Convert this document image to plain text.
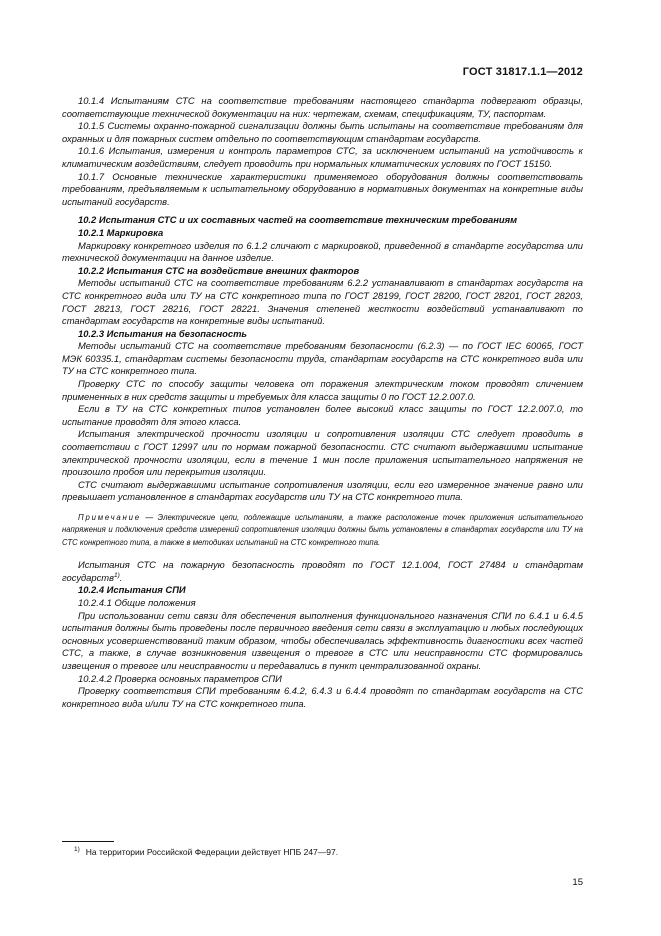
ГОСТ 31817.1.1—2012

10.1.4 Испытаниям СТС на соответствие требованиям настоящего стандарта подвергают образцы, соответствующие технической документации на них: чертежам, схемам, спецификациям, ТУ, паспортам.

10.1.5 Системы охранно-пожарной сигнализации должны быть испытаны на соответствие требованиям для охранных и для пожарных систем отдельно по соответствующим стандартам государств.

10.1.6 Испытания, измерения и контроль параметров СТС, за исключением испытаний на устойчивость к климатическим воздействиям, следует проводить при нормальных климатических условиях по ГОСТ 15150.

10.1.7 Основные технические характеристики применяемого оборудования должны соответствовать требованиям, предъявляемым к испытательному оборудованию в нормативных документах на конкретные виды испытаний государств.

10.2 Испытания СТС и их составных частей на соответствие техническим требованиям

10.2.1 Маркировка

Маркировку конкретного изделия по 6.1.2 сличают с маркировкой, приведенной в стандарте государства или технической документации на данное изделие.

10.2.2 Испытания СТС на воздействие внешних факторов

Методы испытаний СТС на соответствие требованиям 6.2.2 устанавливают в стандартах государств на СТС конкретного вида или ТУ на СТС конкретного типа по ГОСТ 28199, ГОСТ 28200, ГОСТ 28201, ГОСТ 28203, ГОСТ 28213, ГОСТ 28216, ГОСТ 28221. Значения степеней жесткости воздействий устанавливают по стандартам государств на конкретные виды испытаний.

10.2.3 Испытания на безопасность

Методы испытаний СТС на соответствие требованиям безопасности (6.2.3) — по ГОСТ IEC 60065, ГОСТ МЭК 60335.1, стандартам системы безопасности труда, стандартам государств на СТС конкретного вида или ТУ на СТС конкретного типа.

Проверку СТС по способу защиты человека от поражения электрическим током проводят сличением примененных в них средств защиты и требуемых для класса защиты 0 по ГОСТ 12.2.007.0.

Если в ТУ на СТС конкретных типов установлен более высокий класс защиты по ГОСТ 12.2.007.0, то испытание проводят для этого класса.

Испытания электрической прочности изоляции и сопротивления изоляции СТС следует проводить в соответствии с ГОСТ 12997 или по нормам пожарной безопасности. СТС считают выдержавшими испытание электрической прочности изоляции, если в течение 1 мин после приложения испытательного напряжения не произошло пробоя или перекрытия изоляции.

СТС считают выдержавшими испытание сопротивления изоляции, если его измеренное значение равно или превышает установленное в стандартах государств или ТУ на СТС конкретного типа.

Примечание — Электрические цепи, подлежащие испытаниям, а также расположение точек приложения испытательного напряжения и подключения средств измерений сопротивления изоляции должны быть установлены в стандартах государств или ТУ на СТС конкретного типа, а также в методиках испытаний на СТС конкретного типа.

Испытания СТС на пожарную безопасность проводят по ГОСТ 12.1.004, ГОСТ 27484 и стандартам государств$^{1)}$.

10.2.4 Испытания СПИ

10.2.4.1 Общие положения

При использовании сети связи для обеспечения выполнения функционального назначения СПИ по 6.4.1 и 6.4.5 испытания должны быть проведены после первичного введения сети связи в эксплуатацию и любых последующих основных усовершенствований таким образом, чтобы обеспечивалась эффективность диагностики всех частей СТС, а также, в случае возникновения извещения о тревоге в СТС или неисправности СТС формировались извещения о тревоге или неисправности и передавались в пункт централизованной охраны.

10.2.4.2 Проверка основных параметров СПИ

Проверку соответствия СПИ требованиям 6.4.2, 6.4.3 и 6.4.4 проводят по стандартам государств на СТС конкретного вида и/или ТУ на СТС конкретного типа.

$^{1)}$ На территории Российской Федерации действует НПБ 247—97.
15
